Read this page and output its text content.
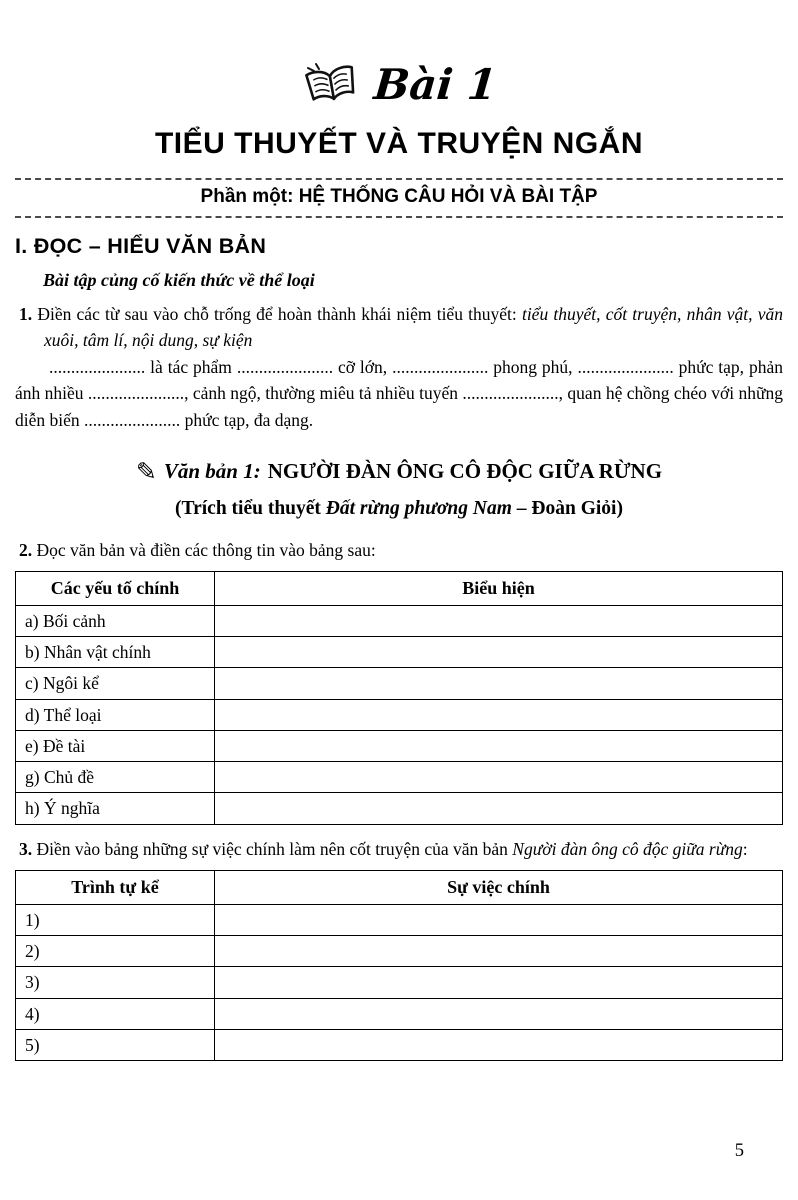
Bài 1
TIỂU THUYẾT VÀ TRUYỆN NGẮN
Phần một: HỆ THỐNG CÂU HỎI VÀ BÀI TẬP
I. ĐỌC – HIỂU VĂN BẢN
Bài tập củng cố kiến thức về thể loại

1. Điền các từ sau vào chỗ trống để hoàn thành khái niệm tiểu thuyết: tiểu thuyết, cốt truyện, nhân vật, văn xuôi, tâm lí, nội dung, sự kiện

...................... là tác phẩm ...................... cỡ lớn, ...................... phong phú, ...................... phức tạp, phản ánh nhiều ......................, cảnh ngộ, thường miêu tả nhiều tuyến ......................, quan hệ chồng chéo với những diễn biến ...................... phức tạp, đa dạng.

✎ Văn bản 1: NGƯỜI ĐÀN ÔNG CÔ ĐỘC GIỮA RỪNG
(Trích tiểu thuyết Đất rừng phương Nam – Đoàn Giỏi)

2. Đọc văn bản và điền các thông tin vào bảng sau:

Các yếu tố chính	Biểu hiện
a) Bối cảnh	
b) Nhân vật chính	
c) Ngôi kể	
d) Thể loại	
e) Đề tài	
g) Chủ đề	
h) Ý nghĩa	

3. Điền vào bảng những sự việc chính làm nên cốt truyện của văn bản Người đàn ông cô độc giữa rừng:

Trình tự kể	Sự việc chính
1)	
2)	
3)	
4)	
5)	
5
